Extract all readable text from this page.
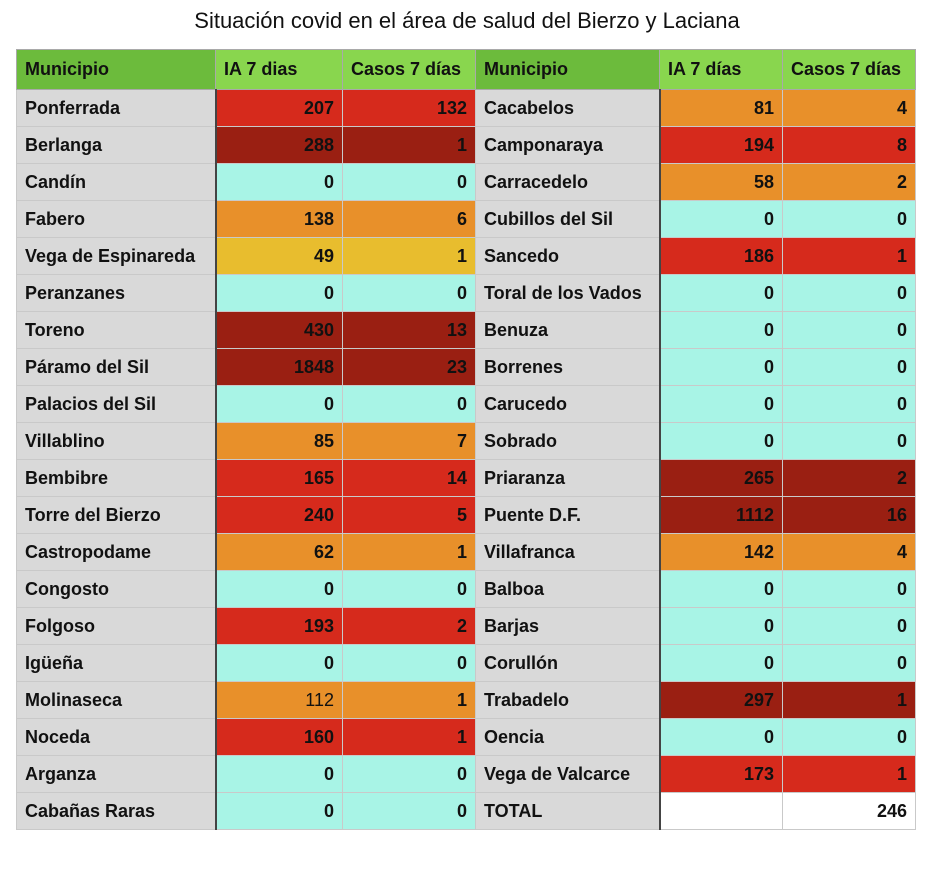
Situación covid en el área de salud del Bierzo y Laciana
Municipio	IA 7 dias	Casos 7 días	Municipio	IA 7 días	Casos 7 días
Ponferrada	207	132	Cacabelos	81	4
Berlanga	288	1	Camponaraya	194	8
Candín	0	0	Carracedelo	58	2
Fabero	138	6	Cubillos del Sil	0	0
Vega de Espinareda	49	1	Sancedo	186	1
Peranzanes	0	0	Toral de los Vados	0	0
Toreno	430	13	Benuza	0	0
Páramo del Sil	1848	23	Borrenes	0	0
Palacios del Sil	0	0	Carucedo	0	0
Villablino	85	7	Sobrado	0	0
Bembibre	165	14	Priaranza	265	2
Torre del Bierzo	240	5	Puente D.F.	1112	16
Castropodame	62	1	Villafranca	142	4
Congosto	0	0	Balboa	0	0
Folgoso	193	2	Barjas	0	0
Igüeña	0	0	Corullón	0	0
Molinaseca	112	1	Trabadelo	297	1
Noceda	160	1	Oencia	0	0
Arganza	0	0	Vega de Valcarce	173	1
Cabañas Raras	0	0	TOTAL		246
